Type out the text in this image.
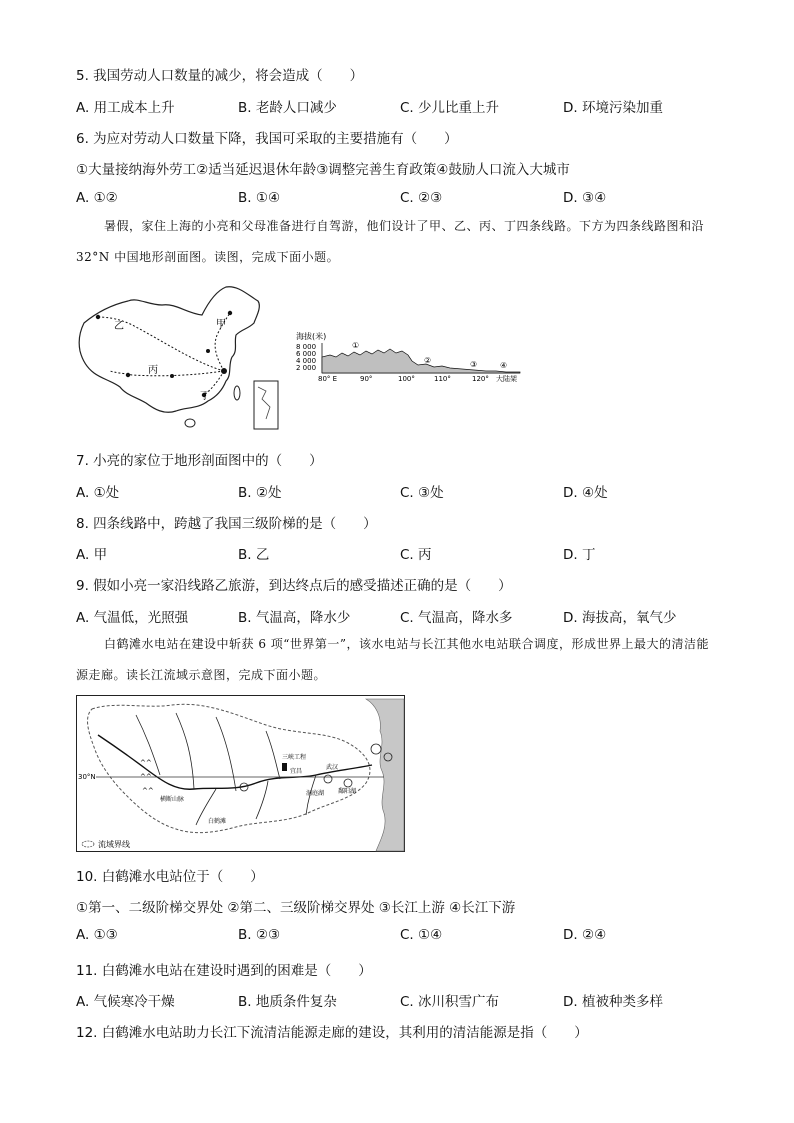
5. 我国劳动人口数量的减少，将会造成（　　）
A. 用工成本上升	B. 老龄人口减少	C. 少儿比重上升	D. 环境污染加重
6. 为应对劳动人口数量下降，我国可采取的主要措施有（　　）
①大量接纳海外劳工②适当延迟退休年龄③调整完善生育政策④鼓励人口流入大城市
A. ①②	B. ①④	C. ②③	D. ③④
暑假，家住上海的小亮和父母准备进行自驾游，他们设计了甲、乙、丙、丁四条线路。下方为四条线路图和沿 32°N 中国地形剖面图。读图，完成下面小题。
甲
乙
丙
丁
海拔(米)
8 000
6 000
4 000
2 000
①
②	③	④
80° E	90°	100°	110°	120° 大陆架
7. 小亮的家位于地形剖面图中的（　　）
A. ①处	B. ②处	C. ③处	D. ④处
8. 四条线路中，跨越了我国三级阶梯的是（　　）
A. 甲	B. 乙	C. 丙	D. 丁
9. 假如小亮一家沿线路乙旅游，到达终点后的感受描述正确的是（　　）
A. 气温低，光照强	B. 气温高，降水少	C. 气温高，降水多	D. 海拔高，氧气少
白鹤滩水电站在建设中斩获 6 项“世界第一”，该水电站与长江其他水电站联合调度，形成世界上最大的清洁能源走廊。读长江流域示意图，完成下面小题。
30°N
^^
^^
^^
三峡工程
宜昌
武汉
洞庭湖 鄱阳湖
横断山脉
白鹤滩
流域界线
10. 白鹤滩水电站位于（　　）
①第一、二级阶梯交界处 ②第二、三级阶梯交界处 ③长江上游 ④长江下游
A. ①③	B. ②③	C. ①④	D. ②④
11. 白鹤滩水电站在建设时遇到的困难是（　　）
A. 气候寒冷干燥	B. 地质条件复杂	C. 冰川积雪广布	D. 植被种类多样
12. 白鹤滩水电站助力长江下流清洁能源走廊的建设，其利用的清洁能源是指（　　）
